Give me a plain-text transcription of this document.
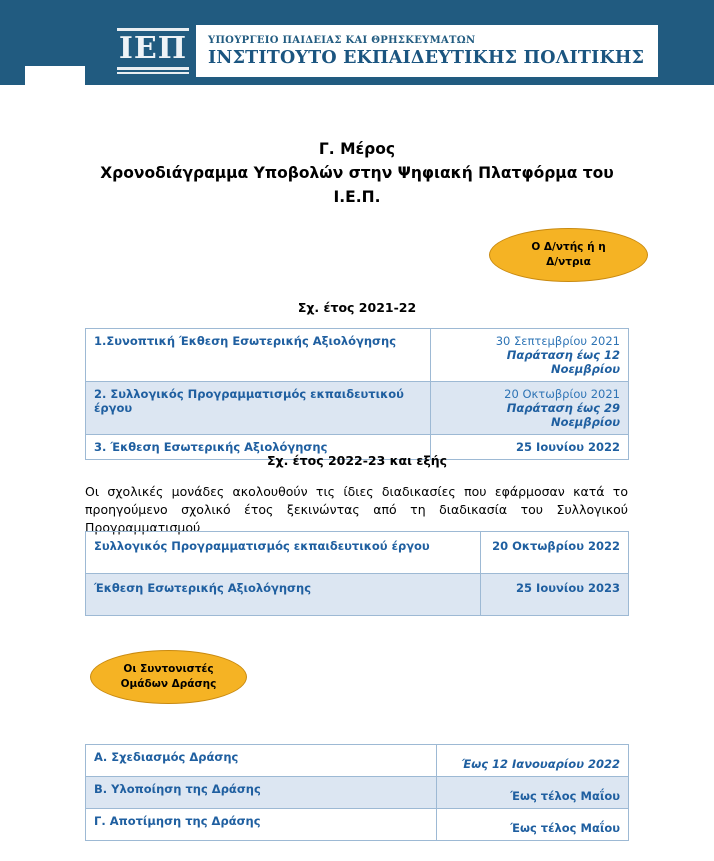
ΙΕΠ ΥΠΟΥΡΓΕΙΟ ΠΑΙΔΕΙΑΣ ΚΑΙ ΘΡΗΣΚΕΥΜΑΤΩΝ
ΙΝΣΤΙΤΟΥΤΟ ΕΚΠΑΙΔΕΥΤΙΚΗΣ ΠΟΛΙΤΙΚΗΣ
Γ. Μέρος
Χρονοδιάγραμμα Υποβολών στην Ψηφιακή Πλατφόρμα του
Ι.Ε.Π.
Ο Δ/ντής ή η
Δ/ντρια
Σχ. έτος 2021-22
1.Συνοπτική Έκθεση Εσωτερικής Αξιολόγησης	30 Σεπτεμβρίου 2021
Παράταση έως 12 Νοεμβρίου

2. Συλλογικός Προγραμματισμός εκπαιδευτικού έργου	20 Οκτωβρίου 2021
Παράταση έως 29 Νοεμβρίου

3. Έκθεση Εσωτερικής Αξιολόγησης	25 Ιουνίου 2022
Σχ. έτος 2022-23 και εξής

Οι σχολικές μονάδες ακολουθούν τις ίδιες διαδικασίες που εφάρμοσαν κατά το προηγούμενο σχολικό έτος ξεκινώντας από τη διαδικασία του Συλλογικού Προγραμματισμού

Συλλογικός Προγραμματισμός εκπαιδευτικού έργου	20 Οκτωβρίου 2022
Έκθεση Εσωτερικής Αξιολόγησης	25 Ιουνίου 2023
Οι Συντονιστές
Ομάδων Δράσης
Α. Σχεδιασμός Δράσης	Έως 12 Ιανουαρίου 2022
Β. Υλοποίηση της Δράσης	Έως τέλος Μαΐου
Γ. Αποτίμηση της Δράσης	Έως τέλος Μαΐου
